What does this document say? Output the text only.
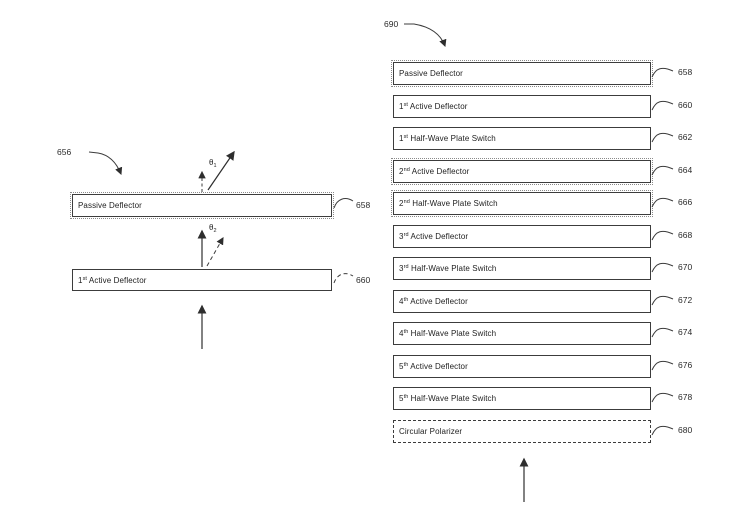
656
$\theta_1$
$\theta_2$
Passive Deflector	658
1st Active Deflector	660
690
Passive Deflector	658
1st Active Deflector	660
1st Half-Wave Plate Switch	662
2nd Active Deflector	664
2nd Half-Wave Plate Switch	666
3rd Active Deflector	668
3rd Half-Wave Plate Switch	670
4th Active Deflector	672
4th Half-Wave Plate Switch	674
5th Active Deflector	676
5th Half-Wave Plate Switch	678
Circular Polarizer	680
